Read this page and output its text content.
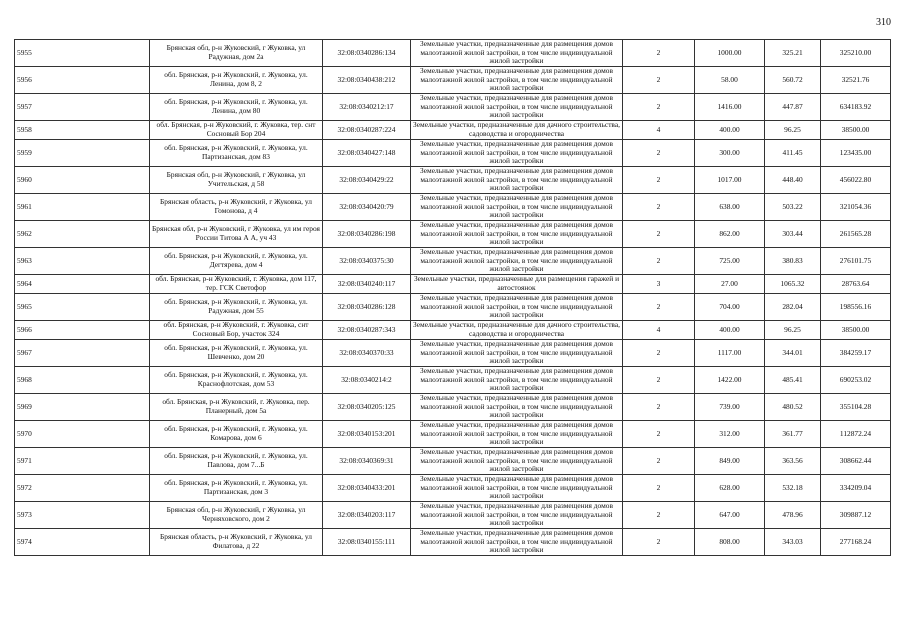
310
5955	Брянская обл, р-н Жуковский, г Жуковка, ул Радужная, дом 2а	32:08:0340286:134	Земельные участки, предназначенные для размещения домов малоэтажной жилой застройки, в том числе индивидуальной жилой застройки	2	1000.00	325.21	325210.00
5956	обл. Брянская, р-н Жуковский, г. Жуковка, ул. Ленина, дом 8, 2	32:08:0340438:212	Земельные участки, предназначенные для размещения домов малоэтажной жилой застройки, в том числе индивидуальной жилой застройки	2	58.00	560.72	32521.76
5957	обл. Брянская, р-н Жуковский, г. Жуковка, ул. Ленина, дом 80	32:08:0340212:17	Земельные участки, предназначенные для размещения домов малоэтажной жилой застройки, в том числе индивидуальной жилой застройки	2	1416.00	447.87	634183.92
5958	обл. Брянская, р-н Жуковский, г. Жуковка, тер. снт Сосновый Бор 204	32:08:0340287:224	Земельные участки, предназначенные для дачного строительства, садоводства и огородничества	4	400.00	96.25	38500.00
5959	обл. Брянская, р-н Жуковский, г. Жуковка, ул. Партизанская, дом 83	32:08:0340427:148	Земельные участки, предназначенные для размещения домов малоэтажной жилой застройки, в том числе индивидуальной жилой застройки	2	300.00	411.45	123435.00
5960	Брянская обл, р-н Жуковский, г Жуковка, ул Учительская, д 58	32:08:0340429:22	Земельные участки, предназначенные для размещения домов малоэтажной жилой застройки, в том числе индивидуальной жилой застройки	2	1017.00	448.40	456022.80
5961	Брянская область, р-н Жуковский, г Жуковка, ул Гомонова, д 4	32:08:0340420:79	Земельные участки, предназначенные для размещения домов малоэтажной жилой застройки, в том числе индивидуальной жилой застройки	2	638.00	503.22	321054.36
5962	Брянская обл, р-н Жуковский, г Жуковка, ул им героя России Титова А А, уч 43	32:08:0340286:198	Земельные участки, предназначенные для размещения домов малоэтажной жилой застройки, в том числе индивидуальной жилой застройки	2	862.00	303.44	261565.28
5963	обл. Брянская, р-н Жуковский, г. Жуковка, ул. Дегтярева, дом 4	32:08:0340375:30	Земельные участки, предназначенные для размещения домов малоэтажной жилой застройки, в том числе индивидуальной жилой застройки	2	725.00	380.83	276101.75
5964	обл. Брянская, р-н Жуковский, г. Жуковка, дом 117, тер. ГСК Светофор	32:08:0340240:117	Земельные участки, предназначенные для размещения гаражей и автостоянок	3	27.00	1065.32	28763.64
5965	обл. Брянская, р-н Жуковский, г. Жуковка, ул. Радужная, дом 55	32:08:0340286:128	Земельные участки, предназначенные для размещения домов малоэтажной жилой застройки, в том числе индивидуальной жилой застройки	2	704.00	282.04	198556.16
5966	обл. Брянская, р-н Жуковский, г. Жуковка, снт Сосновый Бор, участок 324	32:08:0340287:343	Земельные участки, предназначенные для дачного строительства, садоводства и огородничества	4	400.00	96.25	38500.00
5967	обл. Брянская, р-н Жуковский, г. Жуковка, ул. Шевченко, дом 20	32:08:0340370:33	Земельные участки, предназначенные для размещения домов малоэтажной жилой застройки, в том числе индивидуальной жилой застройки	2	1117.00	344.01	384259.17
5968	обл. Брянская, р-н Жуковский, г. Жуковка, ул. Краснофлотская, дом 53	32:08:0340214:2	Земельные участки, предназначенные для размещения домов малоэтажной жилой застройки, в том числе индивидуальной жилой застройки	2	1422.00	485.41	690253.02
5969	обл. Брянская, р-н Жуковский, г. Жуковка, пер. Планерный, дом 5а	32:08:0340205:125	Земельные участки, предназначенные для размещения домов малоэтажной жилой застройки, в том числе индивидуальной жилой застройки	2	739.00	480.52	355104.28
5970	обл. Брянская, р-н Жуковский, г. Жуковка, ул. Комарова, дом 6	32:08:0340153:201	Земельные участки, предназначенные для размещения домов малоэтажной жилой застройки, в том числе индивидуальной жилой застройки	2	312.00	361.77	112872.24
5971	обл. Брянская, р-н Жуковский, г. Жуковка, ул. Павлова, дом 7...Б	32:08:0340369:31	Земельные участки, предназначенные для размещения домов малоэтажной жилой застройки, в том числе индивидуальной жилой застройки	2	849.00	363.56	308662.44
5972	обл. Брянская, р-н Жуковский, г. Жуковка, ул. Партизанская, дом 3	32:08:0340433:201	Земельные участки, предназначенные для размещения домов малоэтажной жилой застройки, в том числе индивидуальной жилой застройки	2	628.00	532.18	334209.04
5973	Брянская обл, р-н Жуковский, г Жуковка, ул Черняховского, дом 2	32:08:0340203:117	Земельные участки, предназначенные для размещения домов малоэтажной жилой застройки, в том числе индивидуальной жилой застройки	2	647.00	478.96	309887.12
5974	Брянская область, р-н Жуковский, г Жуковка, ул Филатова, д 22	32:08:0340155:111	Земельные участки, предназначенные для размещения домов малоэтажной жилой застройки, в том числе индивидуальной жилой застройки	2	808.00	343.03	277168.24
